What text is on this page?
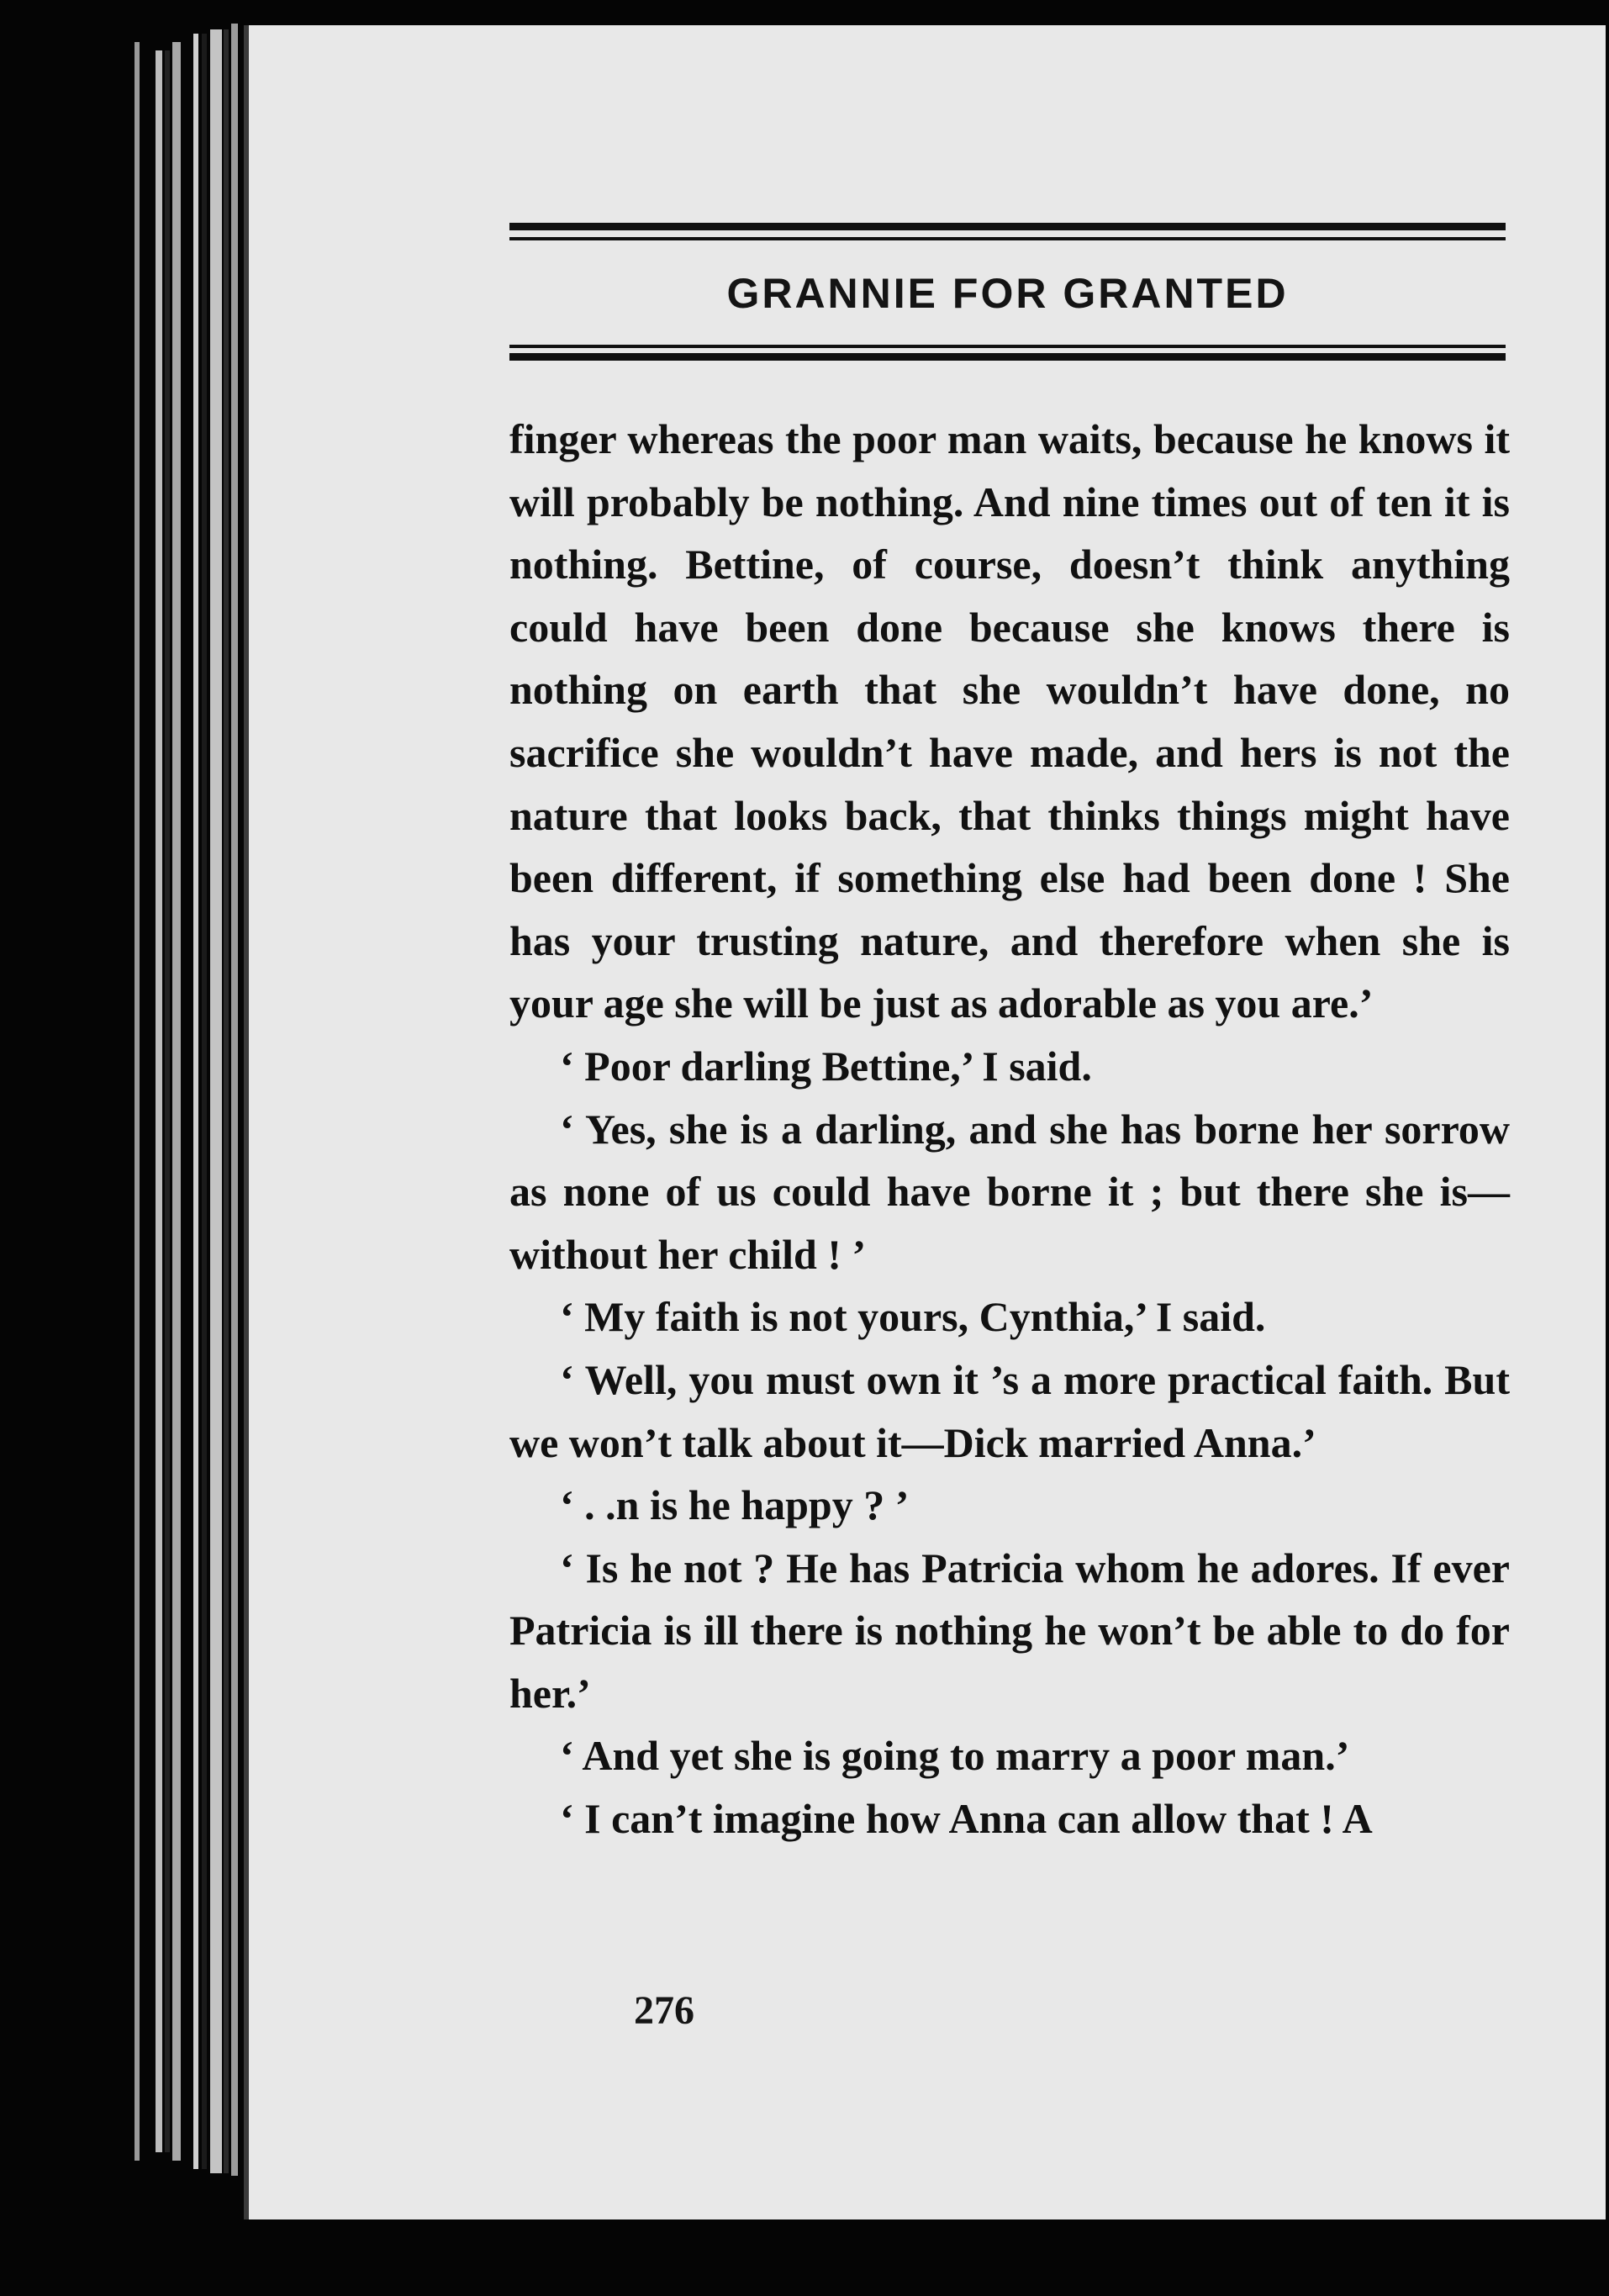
GRANNIE FOR GRANTED

finger whereas the poor man waits, because he knows it will probably be nothing. And nine times out of ten it is nothing. Bettine, of course, doesn’t think anything could have been done because she knows there is nothing on earth that she wouldn’t have done, no sacrifice she wouldn’t have made, and hers is not the nature that looks back, that thinks things might have been different, if something else had been done ! She has your trusting nature, and therefore when she is your age she will be just as adorable as you are.’

‘ Poor darling Bettine,’ I said.

‘ Yes, she is a darling, and she has borne her sorrow as none of us could have borne it ; but there she is—without her child ! ’

‘ My faith is not yours, Cynthia,’ I said.

‘ Well, you must own it ’s a more practical faith. But we won’t talk about it—Dick married Anna.’

‘ . .n is he happy ? ’

‘ Is he not ? He has Patricia whom he adores. If ever Patricia is ill there is nothing he won’t be able to do for her.’

‘ And yet she is going to marry a poor man.’

‘ I can’t imagine how Anna can allow that ! A

276
